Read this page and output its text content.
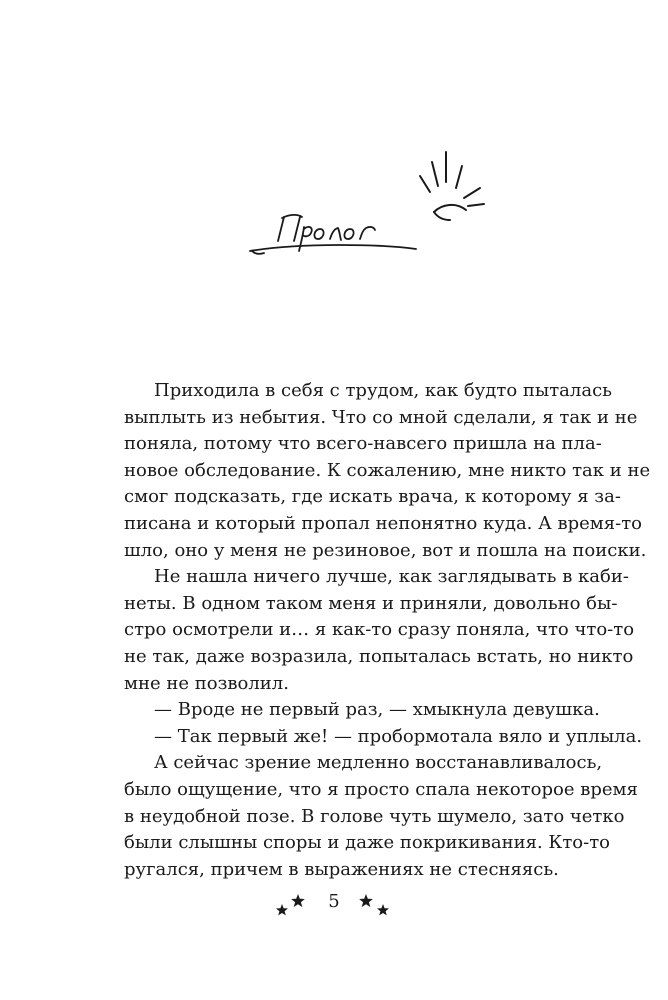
Приходила в себя с трудом, как будто пыталась
выплыть из небытия. Что со мной сделали, я так и не
поняла, потому что всего-навсего пришла на пла-
новое обследование. К сожалению, мне никто так и не
смог подсказать, где искать врача, к которому я за-
писана и который пропал непонятно куда. А время-то
шло, оно у меня не резиновое, вот и пошла на поиски.
Не нашла ничего лучше, как заглядывать в каби-
неты. В одном таком меня и приняли, довольно бы-
стро осмотрели и… я как-то сразу поняла, что что-то
не так, даже возразила, попыталась встать, но никто
мне не позволил.
— Вроде не первый раз, — хмыкнула девушка.
— Так первый же! — пробормотала вяло и уплыла.
А сейчас зрение медленно восстанавливалось,
было ощущение, что я просто спала некоторое время
в неудобной позе. В голове чуть шумело, зато четко
были слышны споры и даже покрикивания. Кто-то
ругался, причем в выражениях не стесняясь.
5
